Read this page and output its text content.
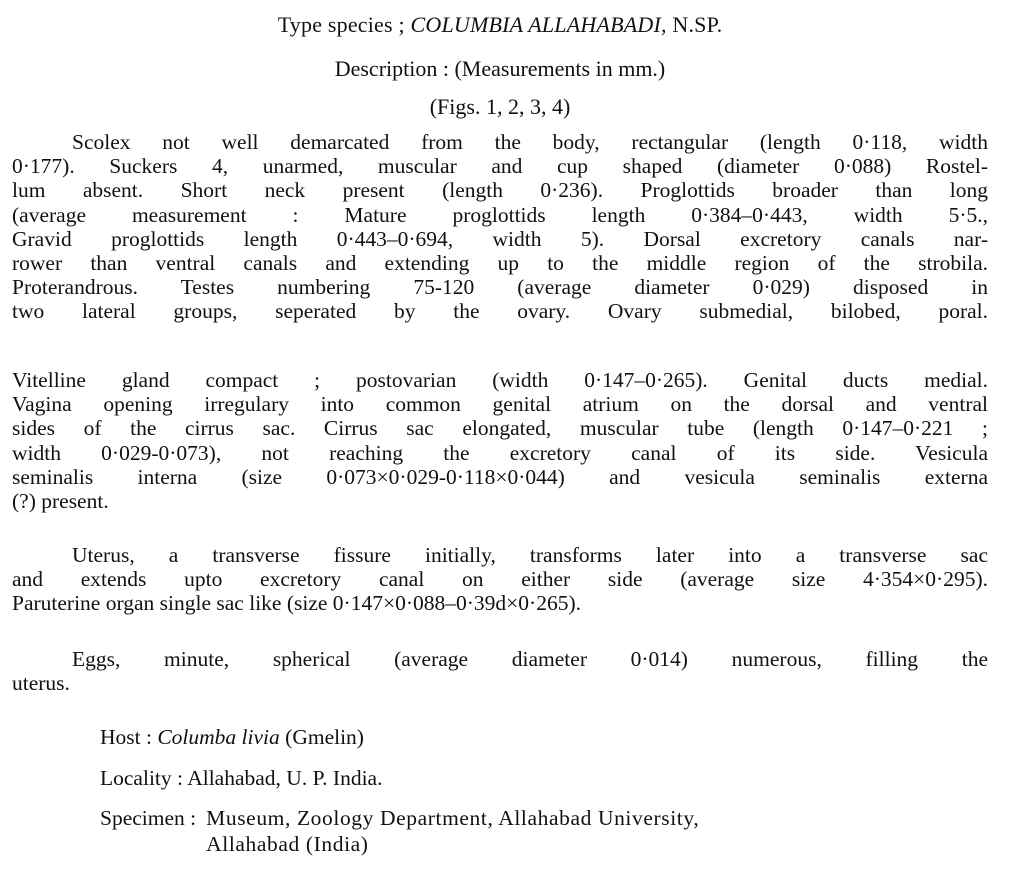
Type species ; COLUMBIA ALLAHABADI, N.SP.
Description : (Measurements in mm.)
(Figs. 1, 2, 3, 4)
Scolex not well demarcated from the body, rectangular (length 0·118, width
0·177). Suckers 4, unarmed, muscular and cup shaped (diameter 0·088) Rostel-
lum absent. Short neck present (length 0·236). Proglottids broader than long
(average measurement : Mature proglottids length 0·384–0·443, width 5·5.,
Gravid proglottids length 0·443–0·694, width 5). Dorsal excretory canals nar-
rower than ventral canals and extending up to the middle region of the strobila.
Proterandrous. Testes numbering 75-120 (average diameter 0·029) disposed in
two lateral groups, seperated by the ovary. Ovary submedial, bilobed, poral.
Vitelline gland compact ; postovarian (width 0·147–0·265). Genital ducts medial.
Vagina opening irregulary into common genital atrium on the dorsal and ventral
sides of the cirrus sac. Cirrus sac elongated, muscular tube (length 0·147–0·221 ;
width 0·029-0·073), not reaching the excretory canal of its side. Vesicula
seminalis interna (size 0·073×0·029-0·118×0·044) and vesicula seminalis externa
(?) present.
Uterus, a transverse fissure initially, transforms later into a transverse sac
and extends upto excretory canal on either side (average size 4·354×0·295).
Paruterine organ single sac like (size 0·147×0·088–0·39d×0·265).
Eggs, minute, spherical (average diameter 0·014) numerous, filling the
uterus.
Host : Columba livia (Gmelin)
Locality : Allahabad, U. P. India.
Specimen : Museum, Zoology Department, Allahabad University,
Allahabad (India)
